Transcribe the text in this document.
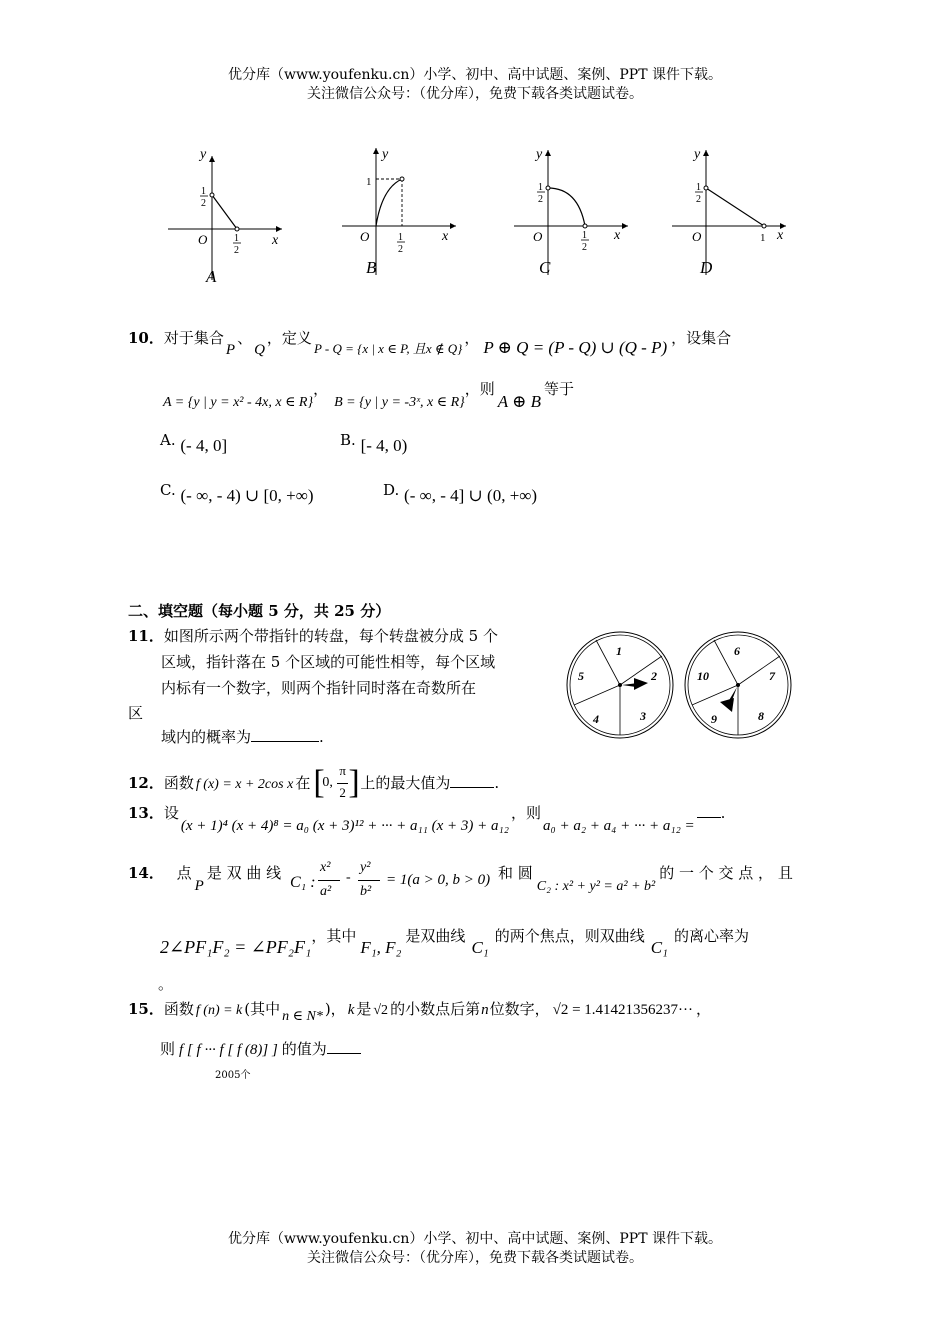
优分库（www.youfenku.cn）小学、初中、高中试题、案例、PPT 课件下载。
关注微信公众号：（优分库），免费下载各类试题试卷。
y
x
O
1
2
1
2
A
y
x
O
1
1
2
B
y
x
O
1
2
1
2
C
y
x
O
1
2
1
D
10．对于集合P、Q，定义P - Q = {x | x ∈ P, 且x ∉ Q}， P ⊕ Q = (P - Q) ∪ (Q - P) ，设集合
A = {y | y = x² - 4x, x ∈ R}，B = {y | y = -3ˣ, x ∈ R}，则A ⊕ B等于
A. (- 4, 0]	B. [- 4, 0)
C. (- ∞, - 4) ∪ [0, +∞)	D. (- ∞, - 4] ∪ (0, +∞)
二、填空题（每小题 5 分，共 25 分）
11．如图所示两个带指针的转盘，每个转盘被分成 5 个
区域，指针落在 5 个区域的可能性相等，每个区域
内标有一个数字，则两个指针同时落在奇数所在
区
域内的概率为	.
1
2
3
4
5
6
7
8
9
10
12．函数 f (x) = x + 2cos x 在 [
0,
π
2 ] 上的最大值为	.
13．设(x + 1)⁴ (x + 4)⁸ = a₀ (x + 3)¹² + ··· + a₁₁ (x + 3) + a₁₂，则a₀ + a₂ + a₄ + ··· + a₁₂ =.
14． 点P是 双 曲 线
C₁ :
x²
a²
-
y²
b²
= 1(a > 0, b > 0) 和 圆C₂ : x² + y² = a² + b²的 一 个 交 点 ， 且
2∠PF₁F₂ = ∠PF₂F₁，其中F₁, F₂是双曲线C₁的两个焦点，则双曲线C₁的离心率为
。
15．函数 f (n) = k (其中 n ∈ N* )， k 是 √2 的小数点后第n位数字， √2 = 1.41421356237··· ，
则 f [ f ··· f [ f (8)] ] 的值为
2005个
优分库（www.youfenku.cn）小学、初中、高中试题、案例、PPT 课件下载。
关注微信公众号：（优分库），免费下载各类试题试卷。
